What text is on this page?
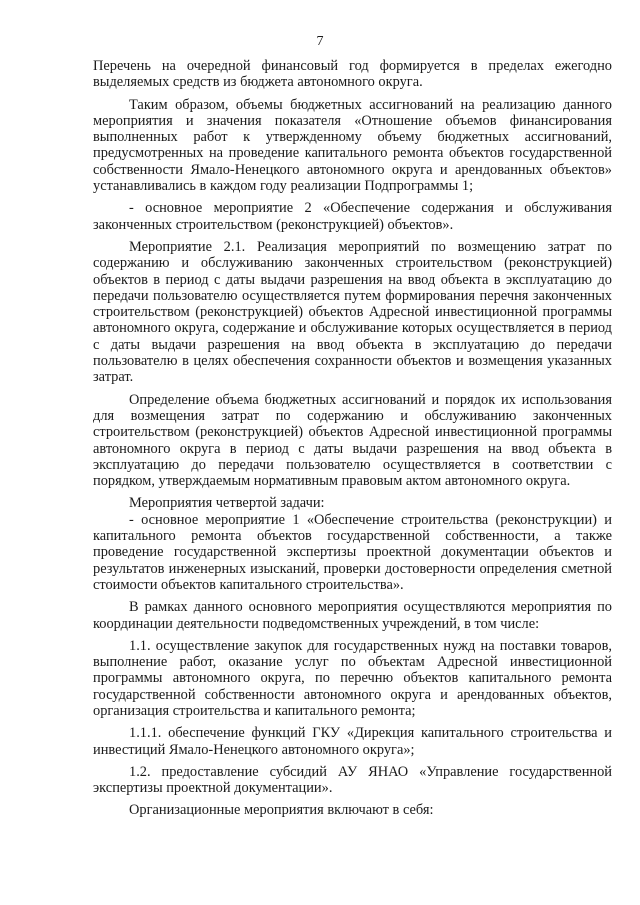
7

Перечень на очередной финансовый год формируется в пределах ежегодно выделяемых средств из бюджета автономного округа.

Таким образом, объемы бюджетных ассигнований на реализацию данного мероприятия и значения показателя «Отношение объемов финансирования выполненных работ к утвержденному объему бюджетных ассигнований, предусмотренных на проведение капитального ремонта объектов государственной собственности Ямало-Ненецкого автономного округа и арендованных объектов» устанавливались в каждом году реализации Подпрограммы 1;

- основное мероприятие 2 «Обеспечение содержания и обслуживания законченных строительством (реконструкцией) объектов».

Мероприятие 2.1. Реализация мероприятий по возмещению затрат по содержанию и обслуживанию законченных строительством (реконструкцией) объектов в период с даты выдачи разрешения на ввод объекта в эксплуатацию до передачи пользователю осуществляется путем формирования перечня законченных строительством (реконструкцией) объектов Адресной инвестиционной программы автономного округа, содержание и обслуживание которых осуществляется в период с даты выдачи разрешения на ввод объекта в эксплуатацию до передачи пользователю в целях обеспечения сохранности объектов и возмещения указанных затрат.

Определение объема бюджетных ассигнований и порядок их использования для возмещения затрат по содержанию и обслуживанию законченных строительством (реконструкцией) объектов Адресной инвестиционной программы автономного округа в период с даты выдачи разрешения на ввод объекта в эксплуатацию до передачи пользователю осуществляется в соответствии с порядком, утверждаемым нормативным правовым актом автономного округа.

Мероприятия четвертой задачи:

- основное мероприятие 1 «Обеспечение строительства (реконструкции) и капитального ремонта объектов государственной собственности, а также проведение государственной экспертизы проектной документации объектов и результатов инженерных изысканий, проверки достоверности определения сметной стоимости объектов капитального строительства».

В рамках данного основного мероприятия осуществляются мероприятия по координации деятельности подведомственных учреждений, в том числе:

1.1. осуществление закупок для государственных нужд на поставки товаров, выполнение работ, оказание услуг по объектам Адресной инвестиционной программы автономного округа, по перечню объектов капитального ремонта государственной собственности автономного округа и арендованных объектов, организация строительства и капитального ремонта;

1.1.1. обеспечение функций ГКУ «Дирекция капитального строительства и инвестиций Ямало-Ненецкого автономного округа»;

1.2. предоставление субсидий АУ ЯНАО «Управление государственной экспертизы проектной документации».

Организационные мероприятия включают в себя:
